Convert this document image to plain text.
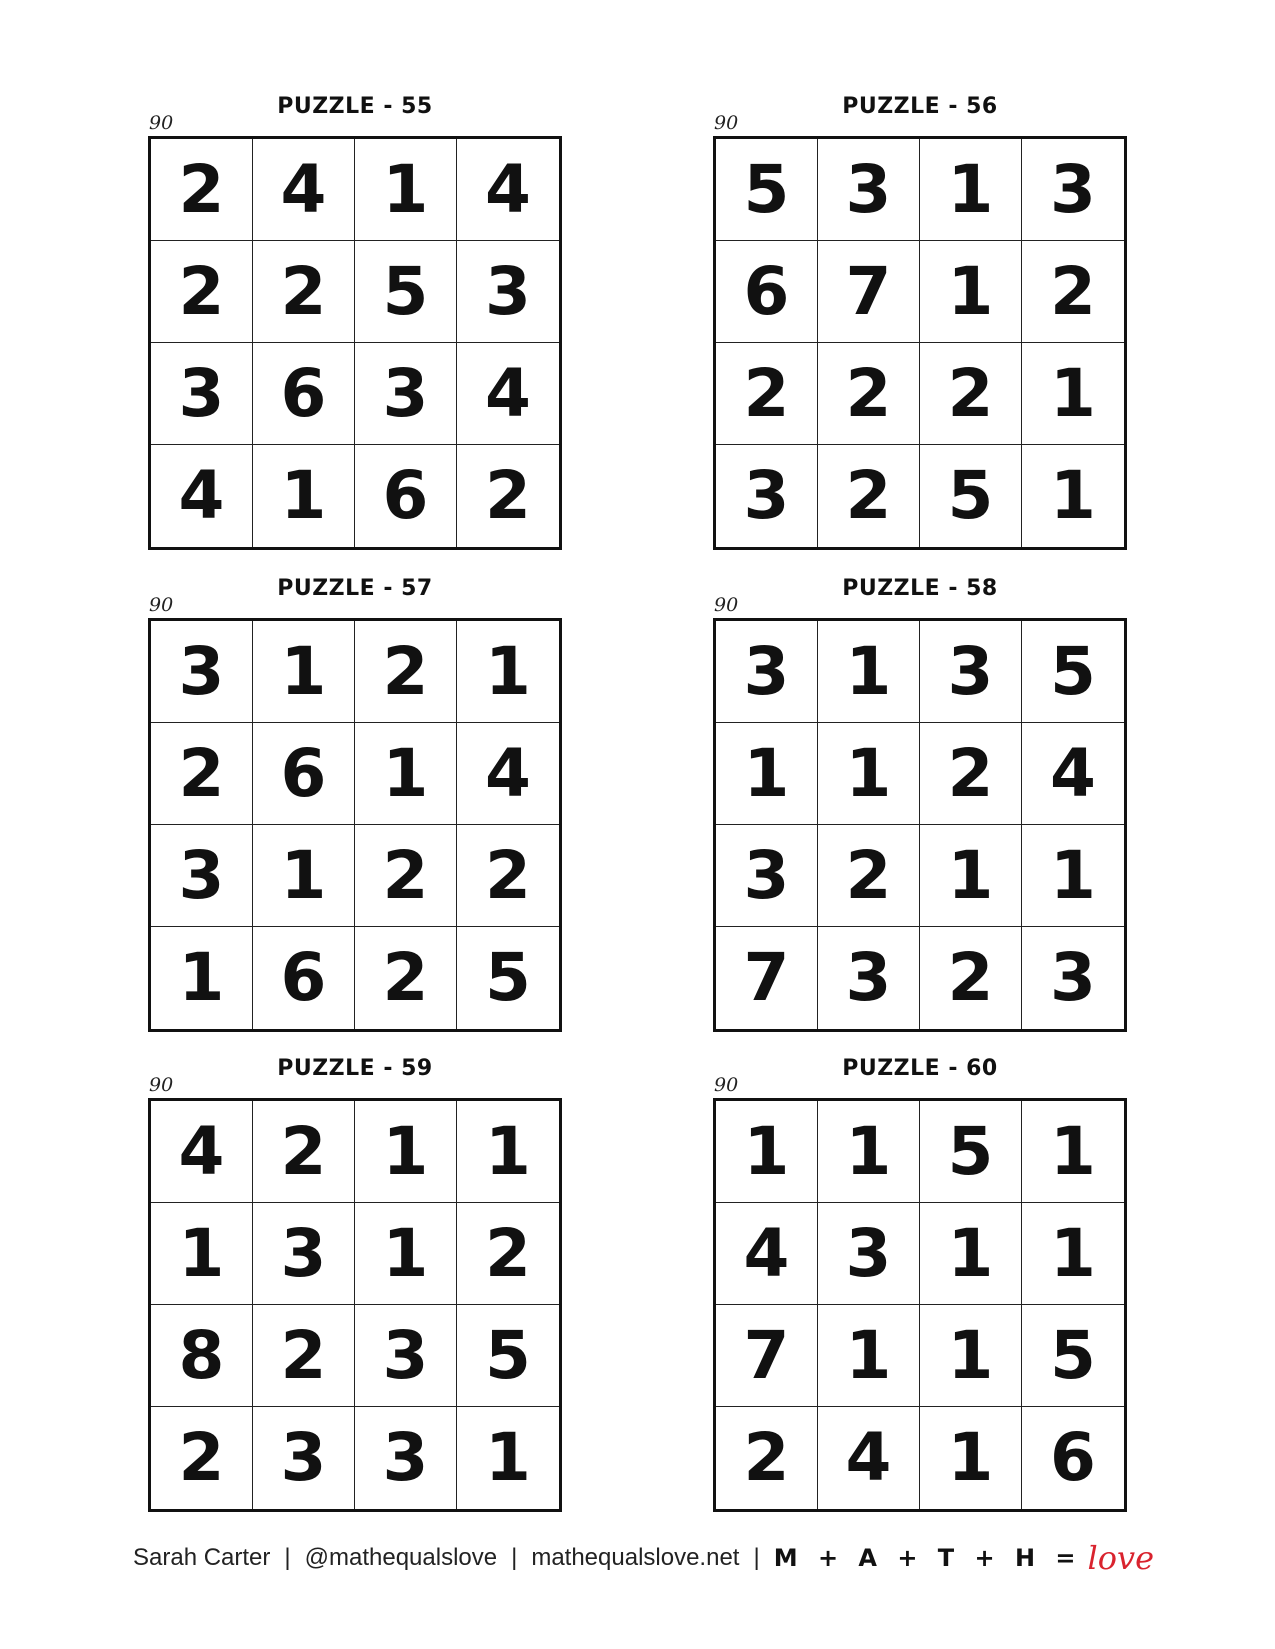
PUZZLE - 55
90
2 4 1 4
2 2 5 3
3 6 3 4
4 1 6 2
PUZZLE - 56
90
5 3 1 3
6 7 1 2
2 2 2 1
3 2 5 1
PUZZLE - 57
90
3 1 2 1
2 6 1 4
3 1 2 2
1 6 2 5
PUZZLE - 58
90
3 1 3 5
1 1 2 4
3 2 1 1
7 3 2 3
PUZZLE - 59
90
4 2 1 1
1 3 1 2
8 2 3 5
2 3 3 1
PUZZLE - 60
90
1 1 5 1
4 3 1 1
7 1 1 5
2 4 1 6
Sarah Carter | @mathequalslove | mathequalslove.net | M + A + T + H = love
